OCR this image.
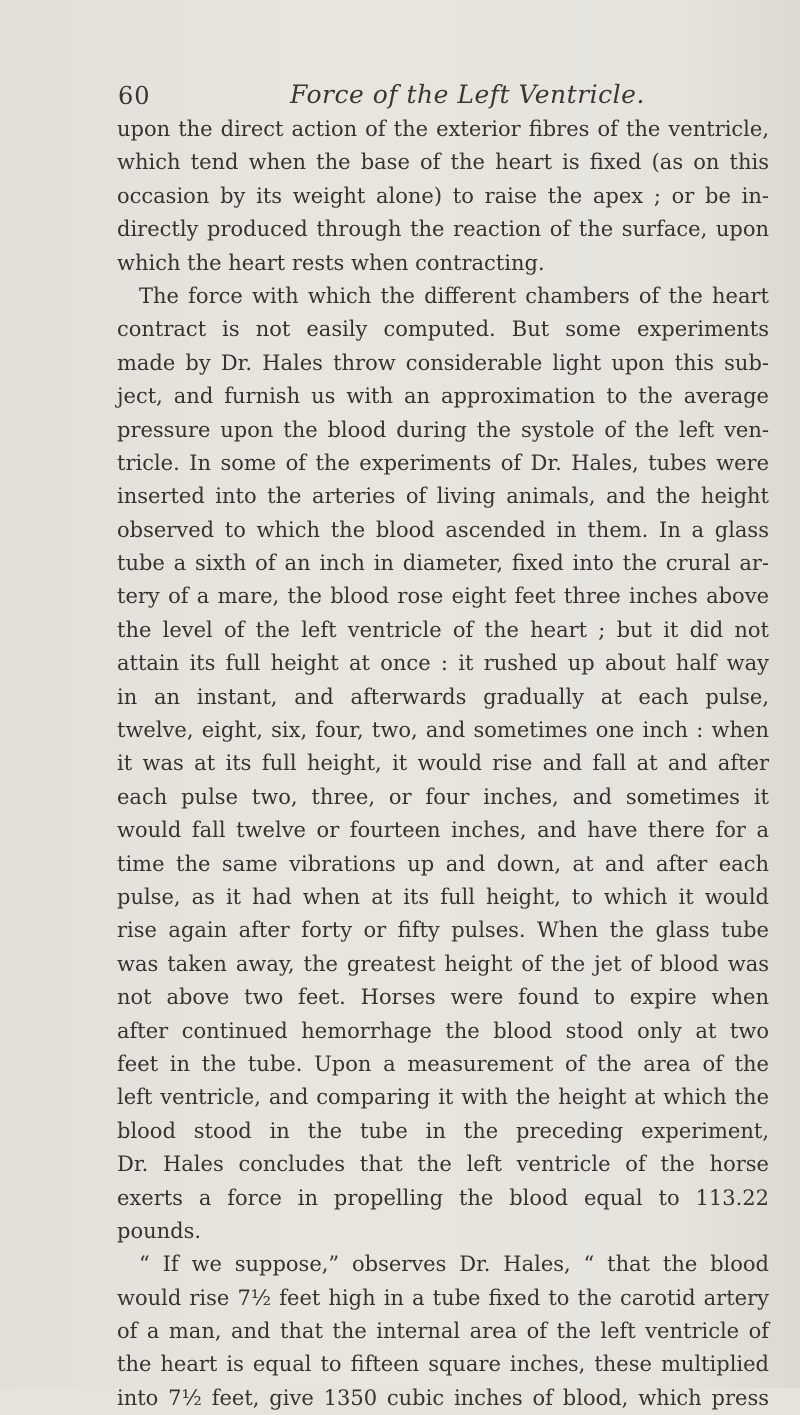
60	Force of the Left Ventricle.
upon the direct action of the exterior fibres of the ventricle,
which tend when the base of the heart is fixed (as on this
occasion by its weight alone) to raise the apex ; or be in-
directly produced through the reaction of the surface, upon
which the heart rests when contracting.
The force with which the different chambers of the heart
contract is not easily computed. But some experiments
made by Dr. Hales throw considerable light upon this sub-
ject, and furnish us with an approximation to the average
pressure upon the blood during the systole of the left ven-
tricle. In some of the experiments of Dr. Hales, tubes were
inserted into the arteries of living animals, and the height
observed to which the blood ascended in them. In a glass
tube a sixth of an inch in diameter, fixed into the crural ar-
tery of a mare, the blood rose eight feet three inches above
the level of the left ventricle of the heart ; but it did not
attain its full height at once : it rushed up about half way
in an instant, and afterwards gradually at each pulse,
twelve, eight, six, four, two, and sometimes one inch : when
it was at its full height, it would rise and fall at and after
each pulse two, three, or four inches, and sometimes it
would fall twelve or fourteen inches, and have there for a
time the same vibrations up and down, at and after each
pulse, as it had when at its full height, to which it would
rise again after forty or fifty pulses. When the glass tube
was taken away, the greatest height of the jet of blood was
not above two feet. Horses were found to expire when
after continued hemorrhage the blood stood only at two
feet in the tube. Upon a measurement of the area of the
left ventricle, and comparing it with the height at which the
blood stood in the tube in the preceding experiment,
Dr. Hales concludes that the left ventricle of the horse
exerts a force in propelling the blood equal to 113.22
pounds.
“ If we suppose,” observes Dr. Hales, “ that the blood
would rise 7½ feet high in a tube fixed to the carotid artery
of a man, and that the internal area of the left ventricle of
the heart is equal to fifteen square inches, these multiplied
into 7½ feet, give 1350 cubic inches of blood, which press
